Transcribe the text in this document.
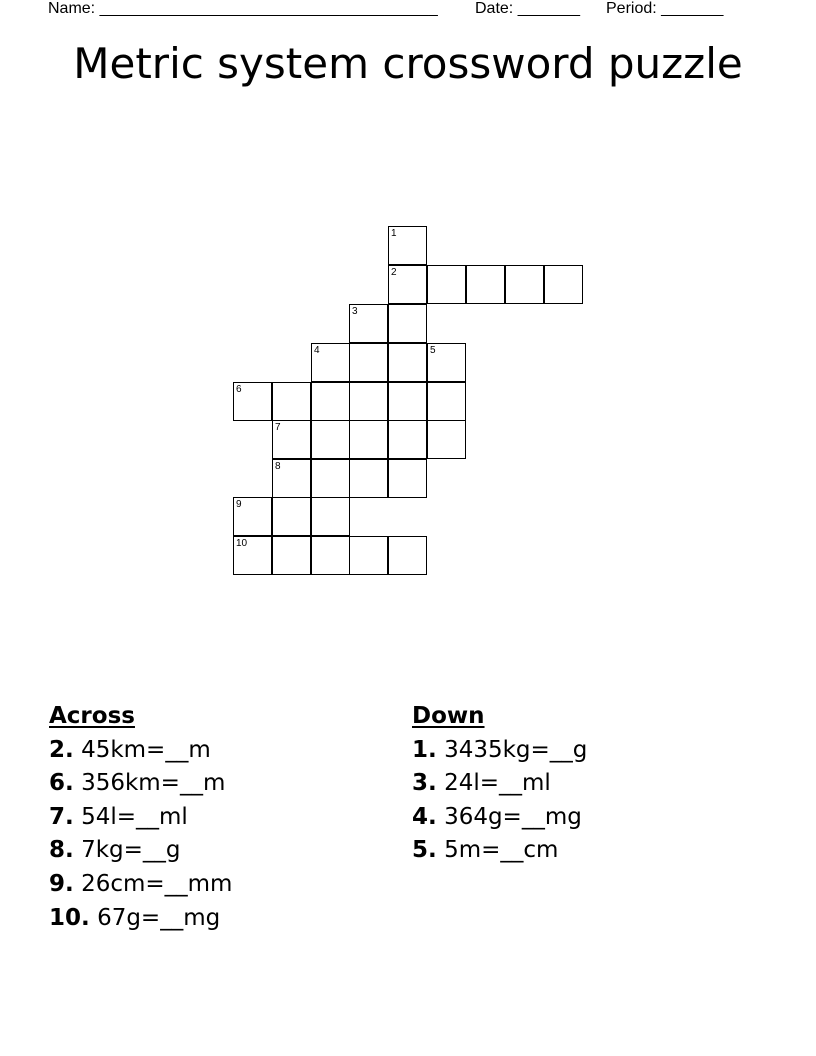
Name: ______________________________________ Date: _______ Period: _______
Metric system crossword puzzle
1
2
3
4	5
6
7
8
9
10
Across
2. 45km=__m
6. 356km=__m
7. 54l=__ml
8. 7kg=__g
9. 26cm=__mm
10. 67g=__mg
Down
1. 3435kg=__g
3. 24l=__ml
4. 364g=__mg
5. 5m=__cm
